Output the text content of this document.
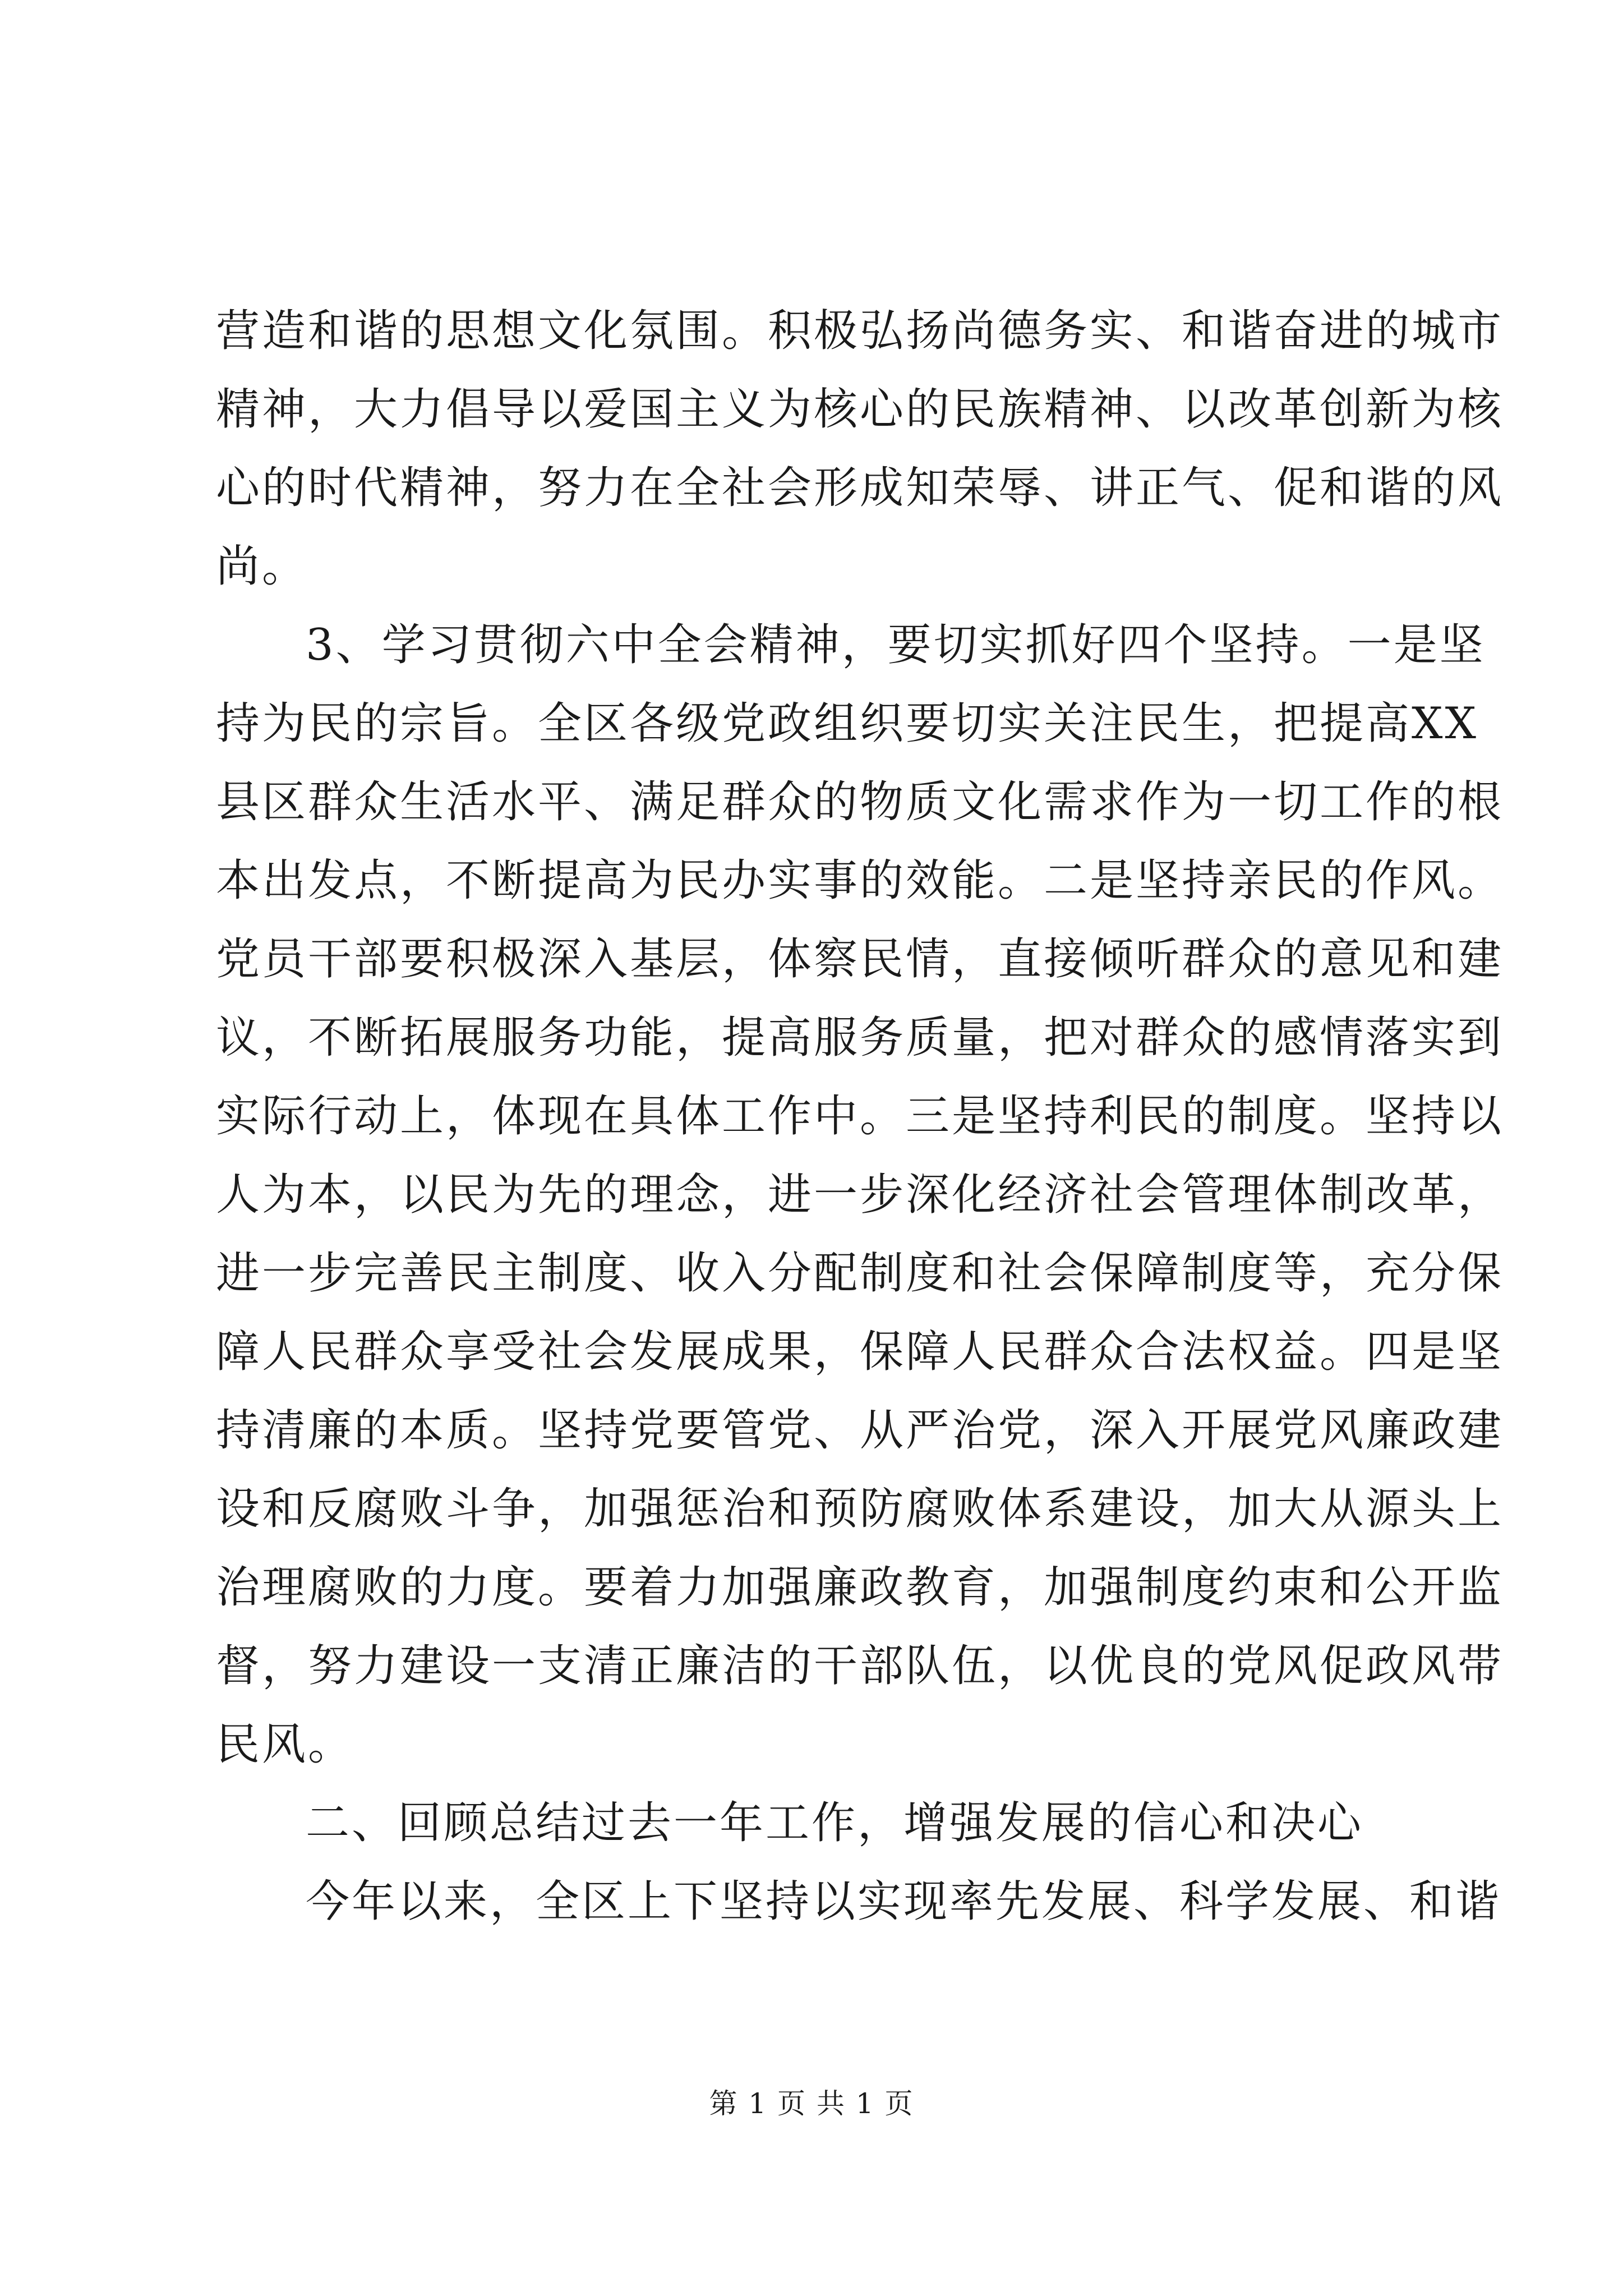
营造和谐的思想文化氛围。积极弘扬尚德务实、和谐奋进的城市
精神，大力倡导以爱国主义为核心的民族精神、以改革创新为核
心的时代精神，努力在全社会形成知荣辱、讲正气、促和谐的风
尚。
3、学习贯彻六中全会精神，要切实抓好四个坚持。一是坚
持为民的宗旨。全区各级党政组织要切实关注民生，把提高XX
县区群众生活水平、满足群众的物质文化需求作为一切工作的根
本出发点，不断提高为民办实事的效能。二是坚持亲民的作风。
党员干部要积极深入基层，体察民情，直接倾听群众的意见和建
议，不断拓展服务功能，提高服务质量，把对群众的感情落实到
实际行动上，体现在具体工作中。三是坚持利民的制度。坚持以
人为本，以民为先的理念，进一步深化经济社会管理体制改革，
进一步完善民主制度、收入分配制度和社会保障制度等，充分保
障人民群众享受社会发展成果，保障人民群众合法权益。四是坚
持清廉的本质。坚持党要管党、从严治党，深入开展党风廉政建
设和反腐败斗争，加强惩治和预防腐败体系建设，加大从源头上
治理腐败的力度。要着力加强廉政教育，加强制度约束和公开监
督，努力建设一支清正廉洁的干部队伍，以优良的党风促政风带
民风。
二、回顾总结过去一年工作，增强发展的信心和决心
今年以来，全区上下坚持以实现率先发展、科学发展、和谐
第 1 页 共 1 页
